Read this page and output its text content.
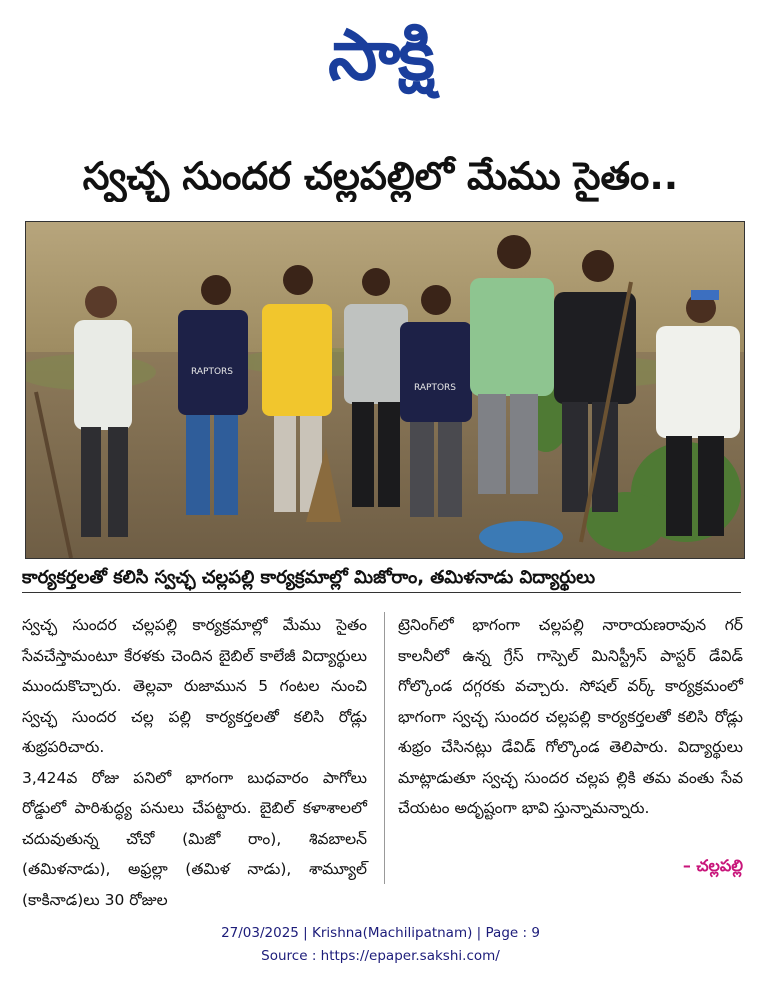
సాక్షి
స్వచ్ఛ సుందర చల్లపల్లిలో మేము సైతం..
RAPTORS
RAPTORS
కార్యకర్తలతో కలిసి స్వచ్ఛ చల్లపల్లి కార్యక్రమాల్లో మిజోరాం, తమిళనాడు విద్యార్థులు

స్వచ్ఛ సుందర చల్లపల్లి కార్యక్రమాల్లో మేము సైతం సేవచేస్తామంటూ కేరళకు చెందిన బైబిల్ కాలేజీ విద్యార్థులు ముందుకొచ్చారు. తెల్లవా రుజామున 5 గంటల నుంచి స్వచ్ఛ సుందర చల్ల పల్లి కార్యకర్తలతో కలిసి రోడ్లు శుభ్రపరిచారు.

3,424వ రోజు పనిలో భాగంగా బుధవారం పాగోలు రోడ్డులో పారిశుద్ధ్య పనులు చేపట్టారు. బైబిల్ కళాశాలలో చదువుతున్న చోచో (మిజో రాం), శివబాలన్ (తమిళనాడు), అఫ్రల్లా (తమిళ నాడు), శామ్యూల్ (కాకినాడ)లు 30 రోజుల

ట్రెనింగ్‌లో భాగంగా చల్లపల్లి నారాయణరావున గర్ కాలనీలో ఉన్న గ్రేస్ గాస్పెల్ మినిస్ట్రీస్ పాస్టర్ డేవిడ్ గోల్కొండ దగ్గరకు వచ్చారు. సోషల్ వర్క్ కార్యక్రమంలో భాగంగా స్వచ్ఛ సుందర చల్లపల్లి కార్యకర్తలతో కలిసి రోడ్లు శుభ్రం చేసినట్లు డేవిడ్ గోల్కొండ తెలిపారు. విద్యార్థులు మాట్లాడుతూ స్వచ్ఛ సుందర చల్లప ల్లికి తమ వంతు సేవ చేయటం అదృష్టంగా భావి స్తున్నామన్నారు.

– చల్లపల్లి
27/03/2025 | Krishna(Machilipatnam) | Page : 9
Source : https://epaper.sakshi.com/
